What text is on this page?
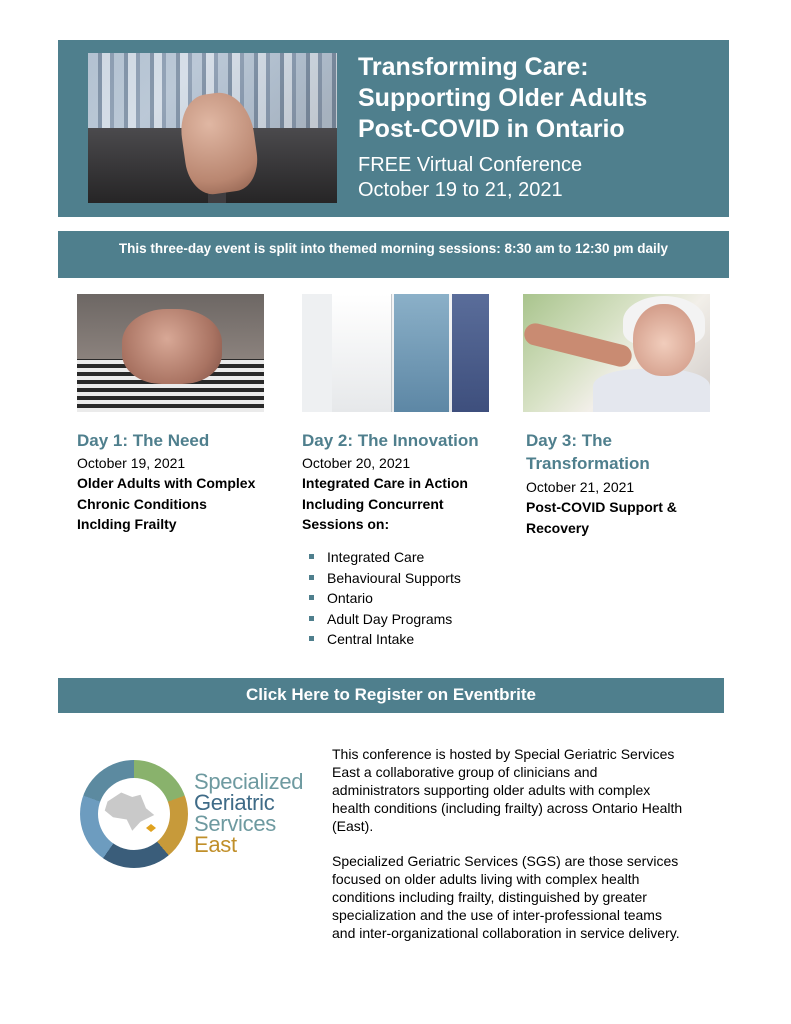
Transforming Care:
Supporting Older Adults
Post-COVID in Ontario
FREE Virtual Conference
October 19 to 21, 2021
This three-day event is split into themed morning sessions: 8:30 am to 12:30 pm daily
Day 1: The Need
October 19, 2021
Older Adults with Complex
Chronic Conditions
Inclding Frailty
Day 2: The Innovation
October 20, 2021
Integrated Care in Action
Including Concurrent
Sessions on:
Integrated Care
Behavioural Supports
Ontario
Adult Day Programs
Central Intake
Day 3: The
Transformation
October 21, 2021
Post-COVID Support &
Recovery
Click Here to Register on Eventbrite
Specialized
Geriatric
Services
East
This conference is hosted by Special Geriatric Services
East a collaborative group of clinicians and
administrators supporting older adults with complex
health conditions (including frailty) across Ontario Health
(East).
Specialized Geriatric Services (SGS) are those services
focused on older adults living with complex health
conditions including frailty, distinguished by greater
specialization and the use of inter-professional teams
and inter-organizational collaboration in service delivery.
